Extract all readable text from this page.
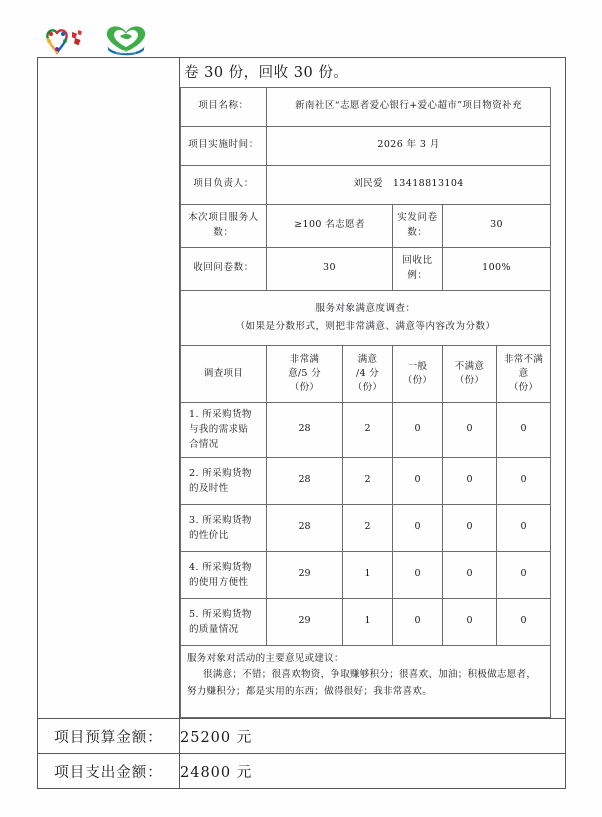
志愿服务驿站

卷 30 份，回收 30 份。
项目名称：	新南社区“志愿者爱心银行+爱心超市”项目物资补充
项目实施时间：	2026 年 3 月
项目负责人：	刘民爱　13418813104
本次项目服务人数：	≥100 名志愿者	实发问卷数：	30
收回问卷数：	30	回收比例：	100%
服务对象满意度调查：
（如果是分数形式，则把非常满意、满意等内容改为分数）

调查项目	非常满
意/5 分
（份）	满意
/4 分
（份）	一般（份）	不满意
（份）	非常不满意
（份）
1. 所采购货物
与我的需求贴
合情况	28	2	0	0	0
2. 所采购货物
的及时性	28	2	0	0	0
3. 所采购货物
的性价比	28	2	0	0	0
4. 所采购货物
的使用方便性	29	1	0	0	0
5. 所采购货物
的质量情况	29	1	0	0	0

服务对象对活动的主要意见或建议：
很满意；不错；很喜欢物资，争取赚够积分；很喜欢、加油；积极做志愿者，努力赚积分；都是实用的东西；做得很好；我非常喜欢。

项目预算金额：	25200 元
项目支出金额：	24800 元
